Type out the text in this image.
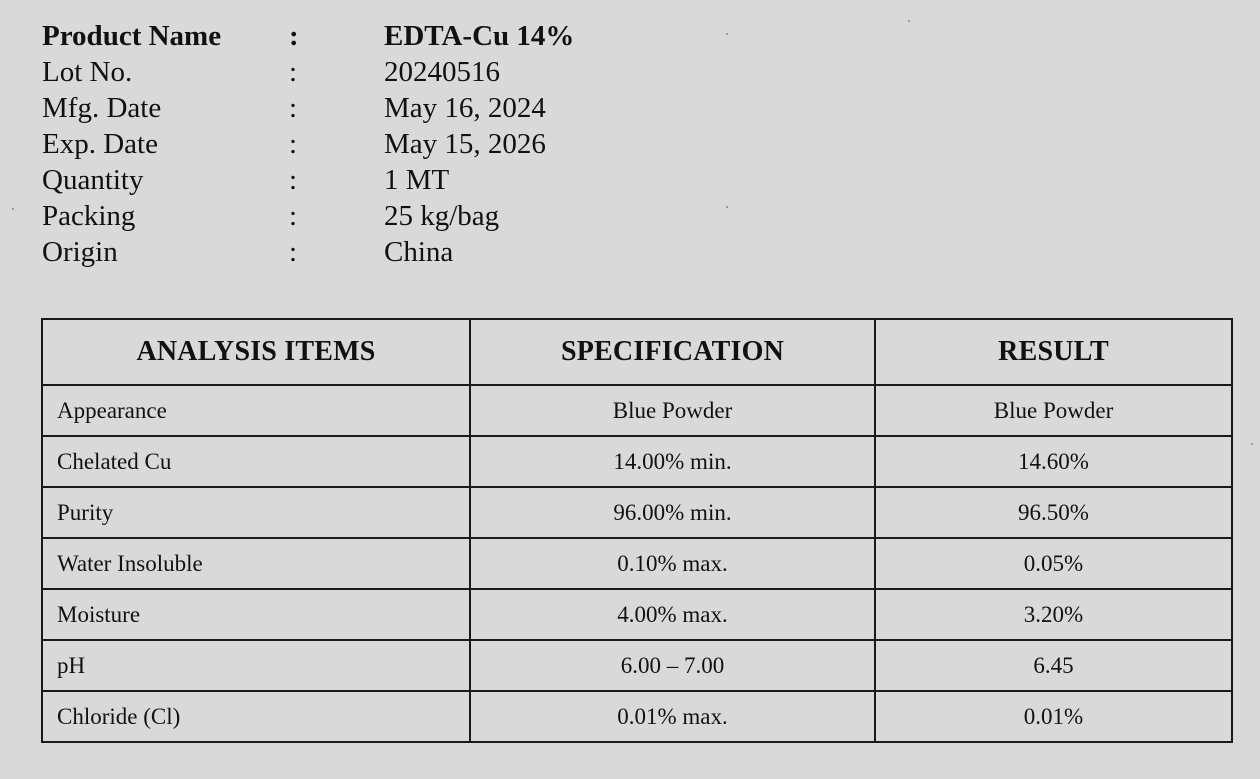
Product Name :	EDTA-Cu 14%
Lot No.	:	20240516
Mfg. Date	:	May 16, 2024
Exp. Date	:	May 15, 2026
Quantity	:	1 MT
Packing	:	25 kg/bag
Origin	:	China
ANALYSIS ITEMS	SPECIFICATION	RESULT
Appearance	Blue Powder	Blue Powder
Chelated Cu	14.00% min.	14.60%
Purity	96.00% min.	96.50%
Water Insoluble	0.10% max.	0.05%
Moisture	4.00% max.	3.20%
pH	6.00 – 7.00	6.45
Chloride (Cl)	0.01% max.	0.01%
